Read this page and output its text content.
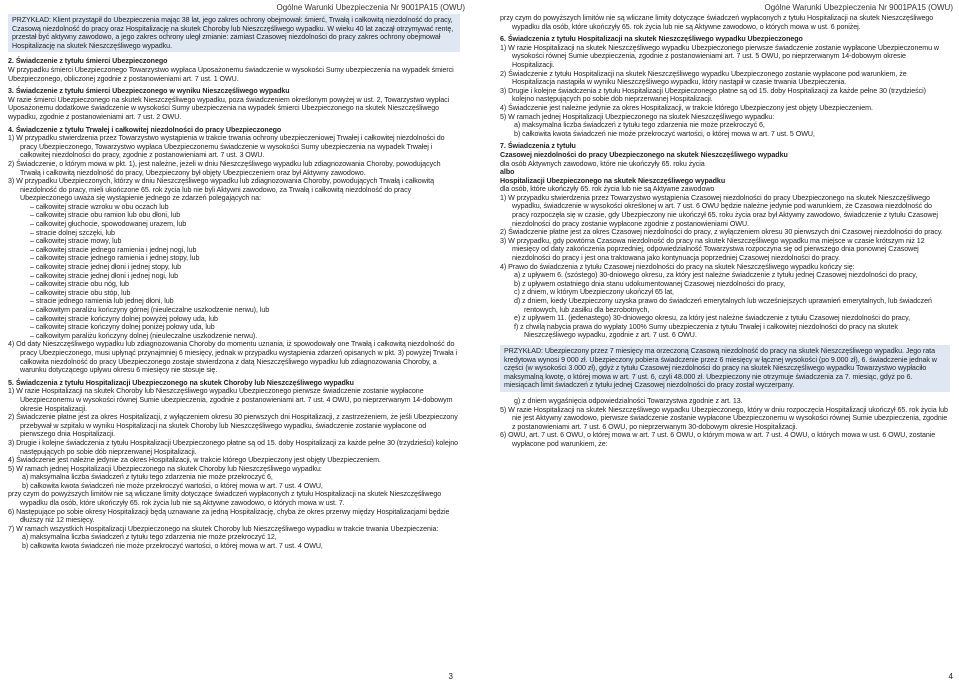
Ogólne Warunki Ubezpieczenia Nr 9001PA15 (OWU)
PRZYKŁAD: Klient przystąpił do Ubezpieczenia mając 38 lat, jego zakres ochrony obejmował: śmierć, Trwałą i całkowitą niezdolność do pracy, Czasową niezdolność do pracy oraz Hospitalizację na skutek Choroby lub Nieszczęśliwego wypadku. W wieku 40 lat zaczął otrzymywać rentę, przestał być aktywny zawodowo, a jego zakres ochrony uległ zmianie: zamiast Czasowej niezdolności do pracy zakres ochrony obejmował Hospitalizację na skutek Nieszczęśliwego wypadku.
2. Świadczenie z tytułu śmierci Ubezpieczonego
W przypadku śmierci Ubezpieczonego Towarzystwo wypłaca Uposażonemu świadczenie w wysokości Sumy ubezpieczenia na wypadek śmierci Ubezpieczonego, obliczonej zgodnie z postanowieniami art. 7 ust. 1 OWU.
3. Świadczenie z tytułu śmierci Ubezpieczonego w wyniku Nieszczęśliwego wypadku
W razie śmierci Ubezpieczonego na skutek Nieszczęśliwego wypadku, poza świadczeniem określonym powyżej w ust. 2, Towarzystwo wypłaci Uposażonemu dodatkowe świadczenie w wysokości Sumy ubezpieczenia na wypadek śmierci Ubezpieczonego na skutek Nieszczęśliwego wypadku, zgodnie z postanowieniami art. 7 ust. 2 OWU.
4. Świadczenie z tytułu Trwałej i całkowitej niezdolności do pracy Ubezpieczonego
1) W przypadku stwierdzenia przez Towarzystwo wystąpienia w trakcie trwania ochrony ubezpieczeniowej Trwałej i całkowitej niezdolności do pracy Ubezpieczonego, Towarzystwo wypłaca Ubezpieczonemu świadczenie w wysokości Sumy ubezpieczenia na wypadek Trwałej i całkowitej niezdolności do pracy, zgodnie z postanowieniami art. 7 ust. 3 OWU.
2) Świadczenie, o którym mowa w pkt. 1), jest należne, jeżeli w dniu Nieszczęśliwego wypadku lub zdiagnozowania Choroby, powodujących Trwałą i całkowitą niezdolność do pracy, Ubezpieczony był objęty Ubezpieczeniem oraz był Aktywny zawodowo.
3) W przypadku Ubezpieczonych, którzy w dniu Nieszczęśliwego wypadku lub zdiagnozowania Choroby, powodujących Trwałą i całkowitą niezdolność do pracy, mieli ukończone 65. rok życia lub nie byli Aktywni zawodowo, za Trwałą i całkowitą niezdolność do pracy Ubezpieczonego uważa się wystąpienie jednego ze zdarzeń polegających na:
– całkowitej stracie wzroku w obu oczach lub
– całkowitej stracie obu ramion lub obu dłoni, lub
– całkowitej głuchocie, spowodowanej urazem, lub
– stracie dolnej szczęki, lub
– całkowitej stracie mowy, lub
– całkowitej stracie jednego ramienia i jednej nogi, lub
– całkowitej stracie jednego ramienia i jednej stopy, lub
– całkowitej stracie jednej dłoni i jednej stopy, lub
– całkowitej stracie jednej dłoni i jednej nogi, lub
– całkowitej stracie obu nóg, lub
– całkowitej stracie obu stóp, lub
– stracie jednego ramienia lub jednej dłoni, lub
– całkowitym paraliżu kończyny górnej (nieuleczalne uszkodzenie nerwu), lub
– całkowitej stracie kończyny dolnej powyżej połowy uda, lub
– całkowitej stracie kończyny dolnej poniżej połowy uda, lub
– całkowitym paraliżu kończyny dolnej (nieuleczalne uszkodzenie nerwu).
4) Od daty Nieszczęśliwego wypadku lub zdiagnozowania Choroby do momentu uznania, iż spowodowały one Trwałą i całkowitą niezdolność do pracy Ubezpieczonego, musi upłynąć przynajmniej 6 miesięcy, jednak w przypadku wystąpienia zdarzeń opisanych w pkt. 3) powyżej Trwała i całkowita niezdolność do pracy Ubezpieczonego zostaje stwierdzona z datą Nieszczęśliwego wypadku lub zdiagnozowania Choroby, a warunku dotyczącego upływu okresu 6 miesięcy nie stosuje się.
5. Świadczenia z tytułu Hospitalizacji Ubezpieczonego na skutek Choroby lub Nieszczęśliwego wypadku
1) W razie Hospitalizacji na skutek Choroby lub Nieszczęśliwego wypadku Ubezpieczonego pierwsze świadczenie zostanie wypłacone Ubezpieczonemu w wysokości równej Sumie ubezpieczenia, zgodnie z postanowieniami art. 7 ust. 4 OWU, po nieprzerwanym 14-dobowym okresie Hospitalizacji.
2) Świadczenie płatne jest za okres Hospitalizacji, z wyłączeniem okresu 30 pierwszych dni Hospitalizacji, z zastrzeżeniem, że jeśli Ubezpieczony przebywał w szpitalu w wyniku Hospitalizacji na skutek Choroby lub Nieszczęśliwego wypadku, świadczenie zostanie wypłacone od pierwszego dnia Hospitalizacji.
3) Drugie i kolejne świadczenia z tytułu Hospitalizacji Ubezpieczonego płatne są od 15. doby Hospitalizacji za każde pełne 30 (trzydzieści) kolejno następujących po sobie dób nieprzerwanej Hospitalizacji.
4) Świadczenie jest należne jedynie za okres Hospitalizacji, w trakcie którego Ubezpieczony jest objęty Ubezpieczeniem.
5) W ramach jednej Hospitalizacji Ubezpieczonego na skutek Choroby lub Nieszczęśliwego wypadku:
a) maksymalna liczba świadczeń z tytułu tego zdarzenia nie może przekroczyć 6,
b) całkowita kwota świadczeń nie może przekroczyć wartości, o której mowa w art. 7 ust. 4 OWU,
przy czym do powyższych limitów nie są wliczane limity dotyczące świadczeń wypłaconych z tytułu Hospitalizacji na skutek Nieszczęśliwego wypadku dla osób, które ukończyły 65. rok życia lub nie są Aktywne zawodowo, o których mowa w ust. 7.
6) Następujące po sobie okresy Hospitalizacji będą uznawane za jedną Hospitalizację, chyba że okres przerwy między Hospitalizacjami będzie dłuższy niż 12 miesięcy.
7) W ramach wszystkich Hospitalizacji Ubezpieczonego na skutek Choroby lub Nieszczęśliwego wypadku w trakcie trwania Ubezpieczenia:
a) maksymalna liczba świadczeń z tytułu tego zdarzenia nie może przekroczyć 12,
b) całkowita kwota świadczeń nie może przekroczyć wartości, o której mowa w art. 7 ust. 4 OWU,
3
Ogólne Warunki Ubezpieczenia Nr 9001PA15 (OWU)
przy czym do powyższych limitów nie są wliczane limity dotyczące świadczeń wypłaconych z tytułu Hospitalizacji na skutek Nieszczęśliwego wypadku dla osób, które ukończyły 65. rok życia lub nie są Aktywne zawodowo, o których mowa w ust. 6 poniżej.
6. Świadczenia z tytułu Hospitalizacji na skutek Nieszczęśliwego wypadku Ubezpieczonego
1) W razie Hospitalizacji na skutek Nieszczęśliwego wypadku Ubezpieczonego pierwsze świadczenie zostanie wypłacone Ubezpieczonemu w wysokości równej Sumie ubezpieczenia, zgodnie z postanowieniami art. 7 ust. 5 OWU, po nieprzerwanym 14-dobowym okresie Hospitalizacji.
2) Świadczenie z tytułu Hospitalizacji na skutek Nieszczęśliwego wypadku Ubezpieczonego zostanie wypłacone pod warunkiem, że Hospitalizacja nastąpiła w wyniku Nieszczęśliwego wypadku, który nastąpił w czasie trwania Ubezpieczenia.
3) Drugie i kolejne świadczenia z tytułu Hospitalizacji Ubezpieczonego płatne są od 15. doby Hospitalizacji za każde pełne 30 (trzydzieści) kolejno następujących po sobie dób nieprzerwanej Hospitalizacji.
4) Świadczenie jest należne jedynie za okres Hospitalizacji, w trakcie którego Ubezpieczony jest objęty Ubezpieczeniem.
5) W ramach jednej Hospitalizacji Ubezpieczonego na skutek Nieszczęśliwego wypadku:
a) maksymalna liczba świadczeń z tytułu tego zdarzenia nie może przekroczyć 6,
b) całkowita kwota świadczeń nie może przekroczyć wartości, o której mowa w art. 7 ust. 5 OWU,
7. Świadczenia z tytułu
Czasowej niezdolności do pracy Ubezpieczonego na skutek Nieszczęśliwego wypadku
dla osób Aktywnych zawodowo, które nie ukończyły 65. roku życia
albo
Hospitalizacji Ubezpieczonego na skutek Nieszczęśliwego wypadku
dla osób, które ukończyły 65. rok życia lub nie są Aktywne zawodowo
1) W przypadku stwierdzenia przez Towarzystwo wystąpienia Czasowej niezdolności do pracy Ubezpieczonego na skutek Nieszczęśliwego wypadku, świadczenie w wysokości określonej w art. 7 ust. 6 OWU będzie należne jedynie pod warunkiem, że Czasowa niezdolność do pracy rozpoczęła się w czasie, gdy Ubezpieczony nie ukończył 65. roku życia oraz był Aktywny zawodowo, świadczenie z tytułu Czasowej niezdolności do pracy zostanie wypłacone zgodnie z postanowieniami OWU.
2) Świadczenie płatne jest za okres Czasowej niezdolności do pracy, z wyłączeniem okresu 30 pierwszych dni Czasowej niezdolności do pracy.
3) W przypadku, gdy powtórna Czasowa niezdolność do pracy na skutek Nieszczęśliwego wypadku ma miejsce w czasie krótszym niż 12 miesięcy od daty zakończenia poprzedniej, odpowiedzialność Towarzystwa rozpoczyna się od pierwszego dnia ponownej Czasowej niezdolności do pracy i jest ona traktowana jako kontynuacja poprzedniej Czasowej niezdolności do pracy.
4) Prawo do świadczenia z tytułu Czasowej niezdolności do pracy na skutek Nieszczęśliwego wypadku kończy się:
a) z upływem 6. (szóstego) 30-dniowego okresu, za który jest należne świadczenie z tytułu jednej Czasowej niezdolności do pracy,
b) z upływem ostatniego dnia stanu udokumentowanej Czasowej niezdolności do pracy,
c) z dniem, w którym Ubezpieczony ukończył 65 lat,
d) z dniem, kiedy Ubezpieczony uzyska prawo do świadczeń emerytalnych lub wcześniejszych uprawnień emerytalnych, lub świadczeń rentowych, lub zasiłku dla bezrobotnych,
e) z upływem 11. (jedenastego) 30-dniowego okresu, za który jest należne świadczenie z tytułu Czasowej niezdolności do pracy,
f) z chwilą nabycia prawa do wypłaty 100% Sumy ubezpieczenia z tytułu Trwałej i całkowitej niezdolności do pracy na skutek Nieszczęśliwego wypadku, zgodnie z art. 7 ust. 6 OWU.
PRZYKŁAD: Ubezpieczony przez 7 miesięcy ma orzeczoną Czasową niezdolność do pracy na skutek Nieszczęśliwego wypadku. Jego rata kredytowa wynosi 9 000 zł. Ubezpieczony pobiera świadczenie przez 6 miesięcy w łącznej wysokości (po 9.000 zł), 6. świadczenie jednak w części (w wysokości 3.000 zł), gdyż z tytułu Czasowej niezdolności do pracy na skutek Nieszczęśliwego wypadku Towarzystwo wypłaciło maksymalną kwotę, o której mowa w art. 7 ust. 6, czyli 48.000 zł. Ubezpieczony nie otrzymuje świadczenia za 7. miesiąc, gdyż po 6. miesiącach limit świadczeń z tytułu jednej Czasowej niezdolności do pracy został wyczerpany.
g) z dniem wygaśnięcia odpowiedzialności Towarzystwa zgodnie z art. 13.
5) W razie Hospitalizacji na skutek Nieszczęśliwego wypadku Ubezpieczonego, który w dniu rozpoczęcia Hospitalizacji ukończył 65. rok życia lub nie jest Aktywny zawodowo, pierwsze świadczenie zostanie wypłacone Ubezpieczonemu w wysokości równej Sumie ubezpieczenia, zgodnie z postanowieniami art. 7 ust. 6 OWU, po nieprzerwanym 30-dobowym okresie Hospitalizacji.
6) OWU, art. 7 ust. 6 OWU, o której mowa w art. 7 ust. 6 OWU, o którym mowa w art. 7 ust. 4 OWU, o których mowa w ust. 6 OWU, zostanie wypłacone pod warunkiem, że:
4
